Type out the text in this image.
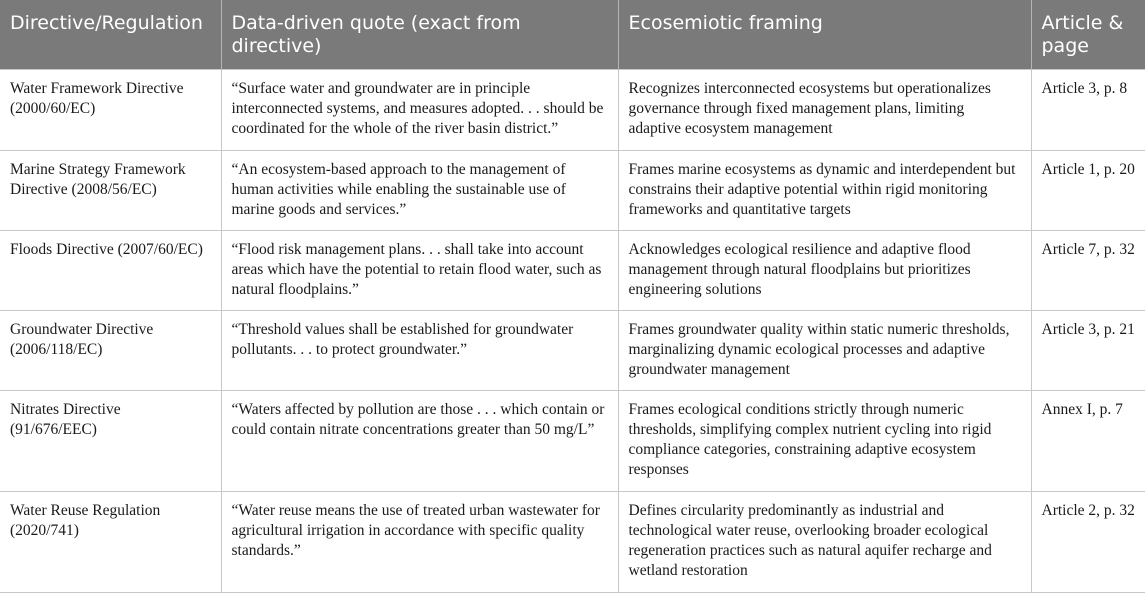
Directive/Regulation	Data-driven quote (exact from directive)	Ecosemiotic framing	Article & page
Water Framework Directive (2000/60/EC)	“Surface water and groundwater are in principle interconnected systems, and measures adopted. . . should be coordinated for the whole of the river basin district.”	Recognizes interconnected ecosystems but operationalizes governance through fixed management plans, limiting adaptive ecosystem management	Article 3, p. 8
Marine Strategy Framework Directive (2008/56/EC)	“An ecosystem-based approach to the management of human activities while enabling the sustainable use of marine goods and services.”	Frames marine ecosystems as dynamic and interdependent but constrains their adaptive potential within rigid monitoring frameworks and quantitative targets	Article 1, p. 20
Floods Directive (2007/60/EC)	“Flood risk management plans. . . shall take into account areas which have the potential to retain flood water, such as natural floodplains.”	Acknowledges ecological resilience and adaptive flood management through natural floodplains but prioritizes engineering solutions	Article 7, p. 32
Groundwater Directive (2006/118/EC)	“Threshold values shall be established for groundwater pollutants. . . to protect groundwater.”	Frames groundwater quality within static numeric thresholds, marginalizing dynamic ecological processes and adaptive groundwater management	Article 3, p. 21
Nitrates Directive (91/676/EEC)	“Waters affected by pollution are those . . . which contain or could contain nitrate concentrations greater than 50 mg/L”	Frames ecological conditions strictly through numeric thresholds, simplifying complex nutrient cycling into rigid compliance categories, constraining adaptive ecosystem responses	Annex I, p. 7
Water Reuse Regulation (2020/741)	“Water reuse means the use of treated urban wastewater for agricultural irrigation in accordance with specific quality standards.”	Defines circularity predominantly as industrial and technological water reuse, overlooking broader ecological regeneration practices such as natural aquifer recharge and wetland restoration	Article 2, p. 32
